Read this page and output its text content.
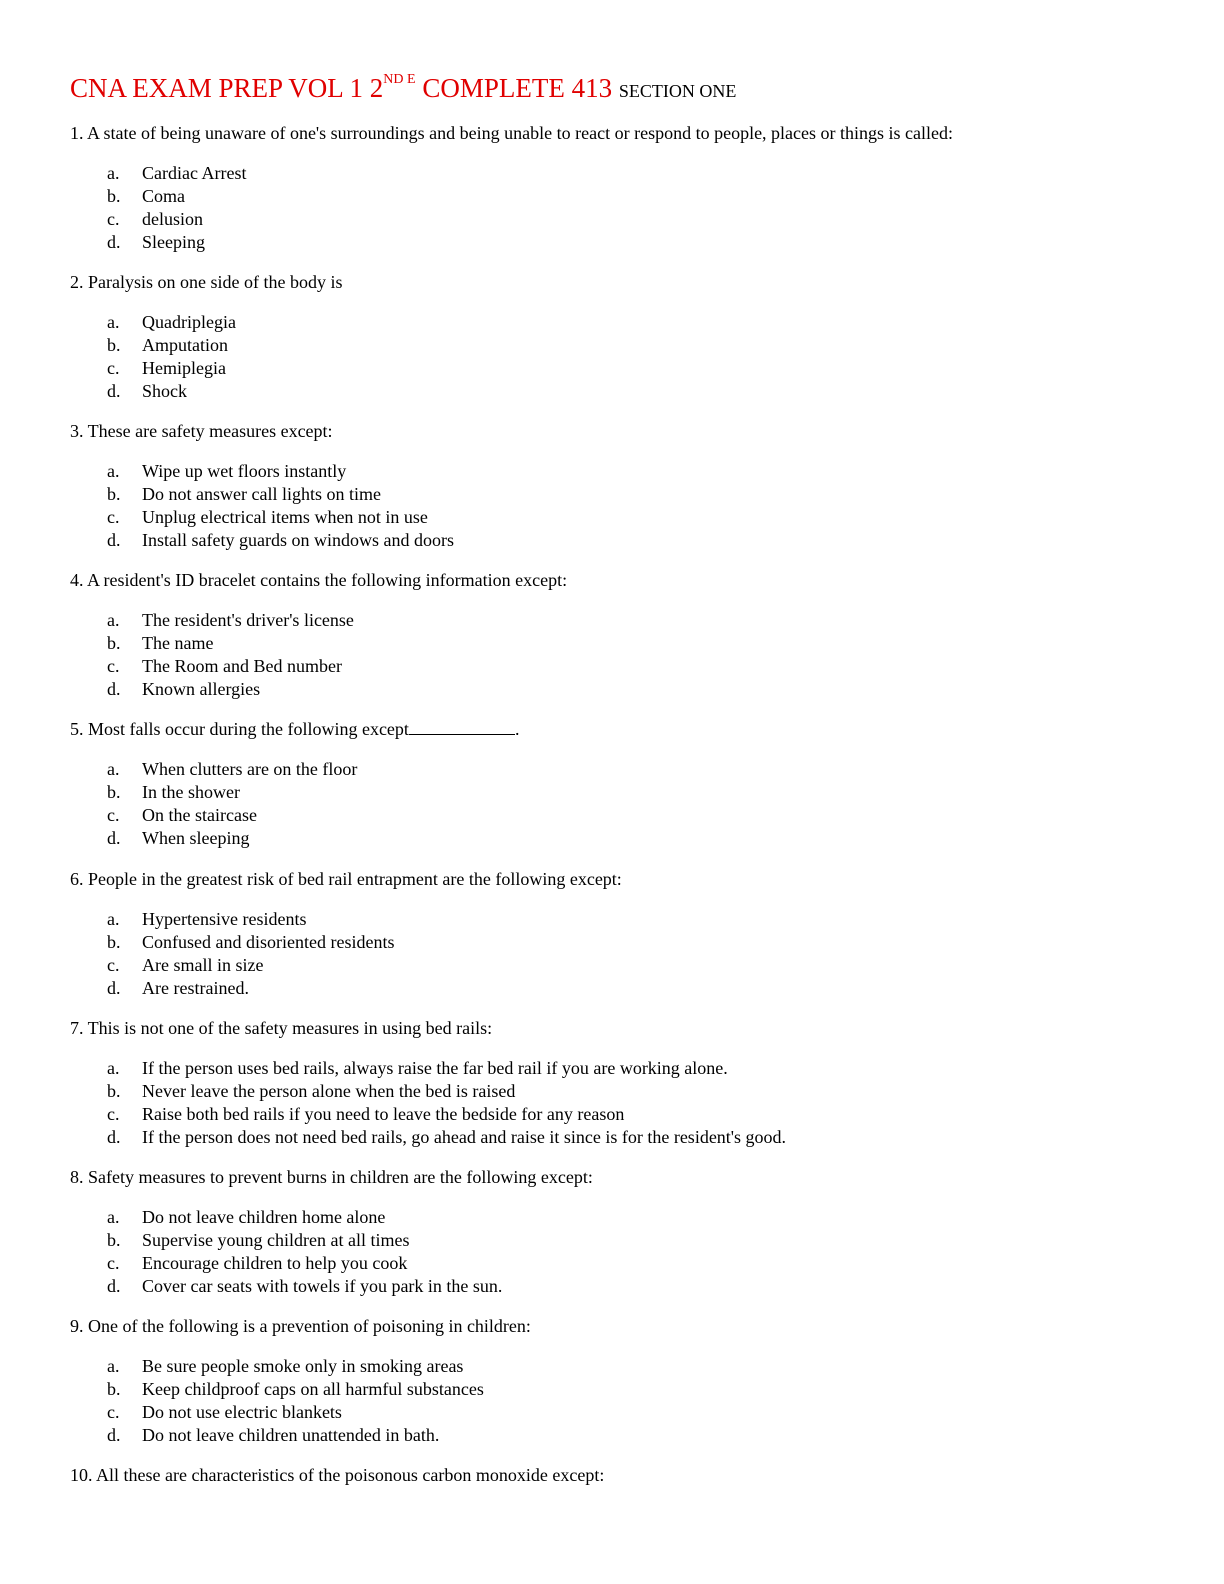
CNA EXAM PREP VOL 1 $2^{ND E}$ COMPLETE 413 SECTION ONE
1. A state of being unaware of one's surroundings and being unable to react or respond to people, places or things is called:
a. Cardiac Arrest
b. Coma
c. delusion
d. Sleeping
2. Paralysis on one side of the body is
a. Quadriplegia
b. Amputation
c. Hemiplegia
d. Shock
3. These are safety measures except:
a. Wipe up wet floors instantly
b. Do not answer call lights on time
c. Unplug electrical items when not in use
d. Install safety guards on windows and doors
4. A resident's ID bracelet contains the following information except:
a. The resident's driver's license
b. The name
c. The Room and Bed number
d. Known allergies
5. Most falls occur during the following except	.
a. When clutters are on the floor
b. In the shower
c. On the staircase
d. When sleeping
6. People in the greatest risk of bed rail entrapment are the following except:
a. Hypertensive residents
b. Confused and disoriented residents
c. Are small in size
d. Are restrained.
7. This is not one of the safety measures in using bed rails:
a. If the person uses bed rails, always raise the far bed rail if you are working alone.
b. Never leave the person alone when the bed is raised
c. Raise both bed rails if you need to leave the bedside for any reason
d. If the person does not need bed rails, go ahead and raise it since is for the resident's good.
8. Safety measures to prevent burns in children are the following except:
a. Do not leave children home alone
b. Supervise young children at all times
c. Encourage children to help you cook
d. Cover car seats with towels if you park in the sun.
9. One of the following is a prevention of poisoning in children:
a. Be sure people smoke only in smoking areas
b. Keep childproof caps on all harmful substances
c. Do not use electric blankets
d. Do not leave children unattended in bath.
10. All these are characteristics of the poisonous carbon monoxide except:
